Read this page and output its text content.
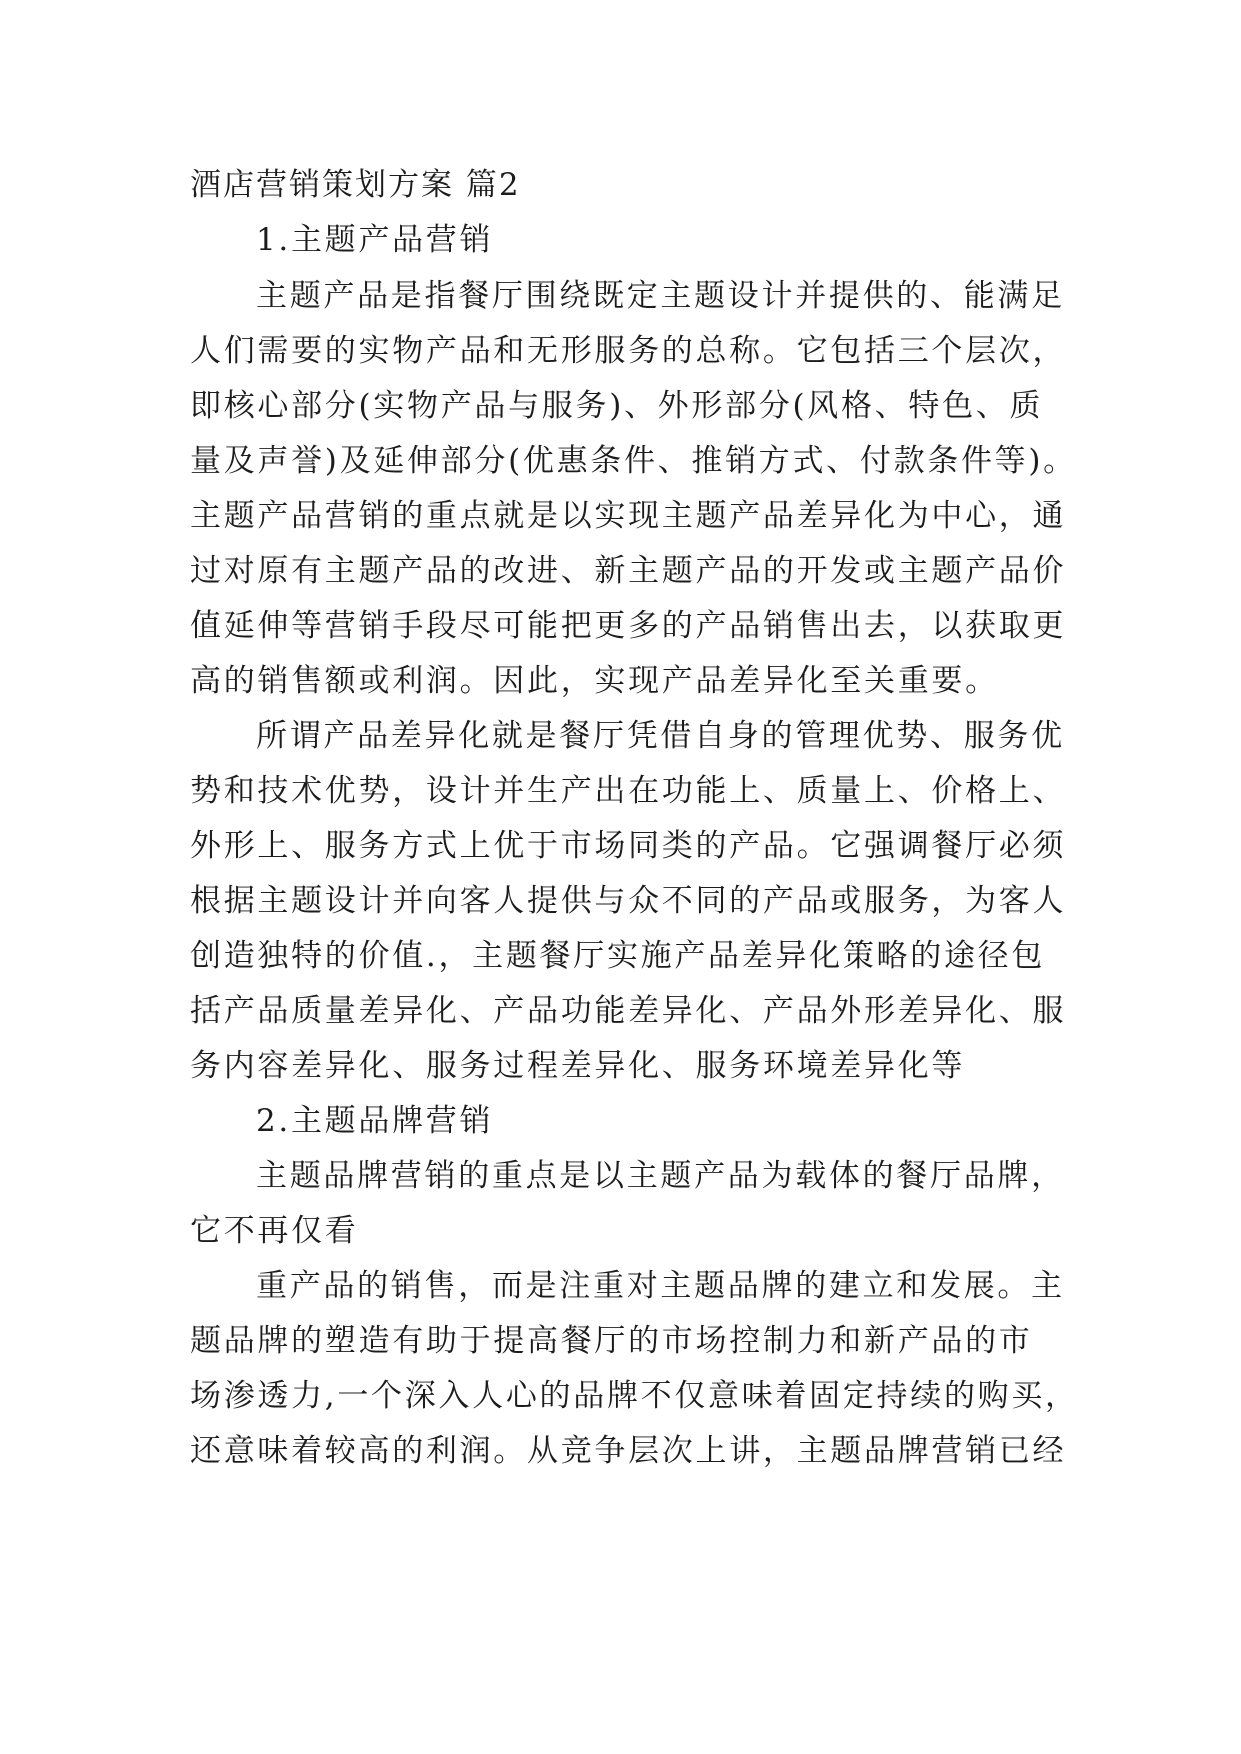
酒店营销策划方案 篇2
1.主题产品营销
主题产品是指餐厅围绕既定主题设计并提供的、能满足
人们需要的实物产品和无形服务的总称。它包括三个层次，
即核心部分(实物产品与服务)、外形部分(风格、特色、质
量及声誉)及延伸部分(优惠条件、推销方式、付款条件等)。
主题产品营销的重点就是以实现主题产品差异化为中心，通
过对原有主题产品的改进、新主题产品的开发或主题产品价
值延伸等营销手段尽可能把更多的产品销售出去，以获取更
高的销售额或利润。因此，实现产品差异化至关重要。
所谓产品差异化就是餐厅凭借自身的管理优势、服务优
势和技术优势，设计并生产出在功能上、质量上、价格上、
外形上、服务方式上优于市场同类的产品。它强调餐厅必须
根据主题设计并向客人提供与众不同的产品或服务，为客人
创造独特的价值.，主题餐厅实施产品差异化策略的途径包
括产品质量差异化、产品功能差异化、产品外形差异化、服
务内容差异化、服务过程差异化、服务环境差异化等
2.主题品牌营销
主题品牌营销的重点是以主题产品为载体的餐厅品牌，
它不再仅看
重产品的销售，而是注重对主题品牌的建立和发展。主
题品牌的塑造有助于提高餐厅的市场控制力和新产品的市
场渗透力,一个深入人心的品牌不仅意味着固定持续的购买，
还意味着较高的利润。从竞争层次上讲，主题品牌营销已经
